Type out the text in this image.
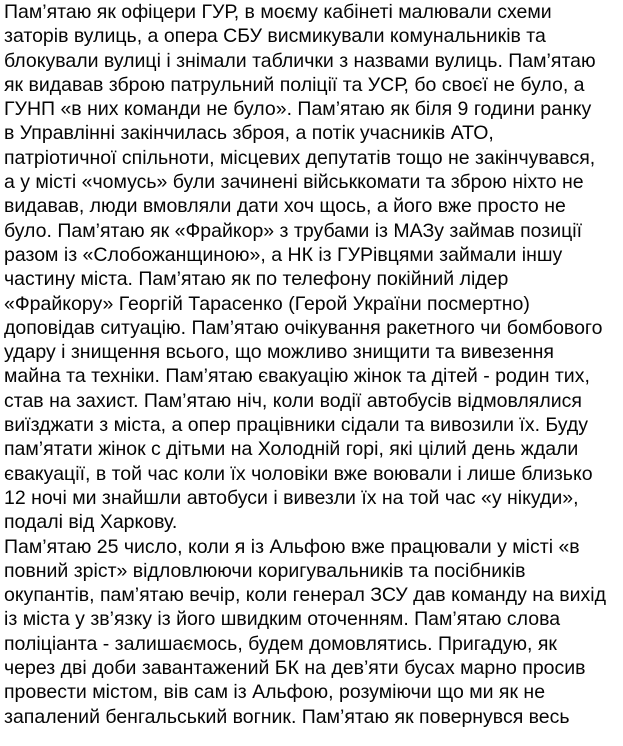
Пам’ятаю як офіцери ГУР, в моєму кабінеті малювали схеми
заторів вулиць, а опера СБУ висмикували комунальників та
блокували вулиці і знімали таблички з назвами вулиць. Пам’ятаю
як видавав зброю патрульний поліції та УСР, бо своєї не було, а
ГУНП «в них команди не було». Пам’ятаю як біля 9 години ранку
в Управлінні закінчилась зброя, а потік учасників АТО,
патріотичної спільноти, місцевих депутатів тощо не закінчувався,
а у місті «чомусь» були зачинені військкомати та зброю ніхто не
видавав, люди вмовляли дати хоч щось, а його вже просто не
було. Пам’ятаю як «Фрайкор» з трубами із МАЗу займав позиції
разом із «Слобожанщиною», а НК із ГУРівцями займали іншу
частину міста. Пам’ятаю як по телефону покійний лідер
«Фрайкору» Георгій Тарасенко (Герой України посмертно)
доповідав ситуацію. Пам’ятаю очікування ракетного чи бомбового
удару і знищення всього, що можливо знищити та вивезення
майна та техніки. Пам’ятаю євакуацію жінок та дітей - родин тих,
став на захист. Пам’ятаю ніч, коли водії автобусів відмовлялися
виїзджати з міста, а опер працівники сідали та вивозили їх. Буду
пам’ятати жінок с дітьми на Холодній горі, які цілий день ждали
євакуації, в той час коли їх чоловіки вже воювали і лише близько
12 ночі ми знайшли автобуси і вивезли їх на той час «у нікуди»,
подалі від Харкову.
Пам’ятаю 25 число, коли я із Альфою вже працювали у місті «в
повний зріст» відловлюючи коригувальників та посібників
окупантів, пам’ятаю вечір, коли генерал ЗСУ дав команду на вихід
із міста у зв’язку із його швидким оточенням. Пам’ятаю слова
поліціанта - залишаємось, будем домовлятись. Пригадую, як
через дві доби завантажений БК на дев’яти бусах марно просив
провести містом, вів сам із Альфою, розуміючи що ми як не
запалений бенгальський вогник. Пам’ятаю як повернувся весь
